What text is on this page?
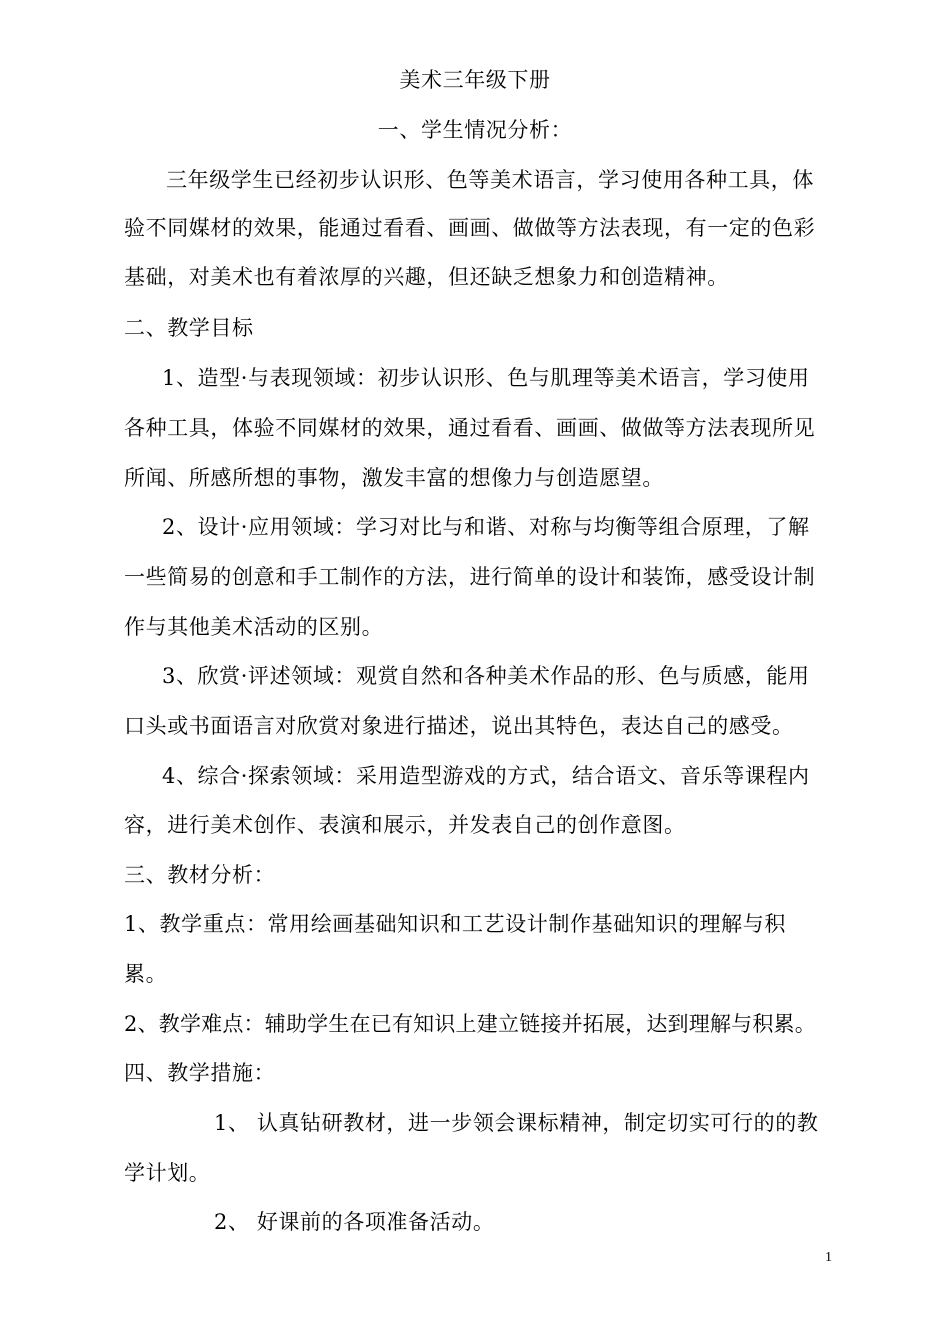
美术三年级下册
一、学生情况分析：
三年级学生已经初步认识形、色等美术语言，学习使用各种工具，体
验不同媒材的效果，能通过看看、画画、做做等方法表现，有一定的色彩
基础，对美术也有着浓厚的兴趣，但还缺乏想象力和创造精神。
二、教学目标
1、造型·与表现领域：初步认识形、色与肌理等美术语言，学习使用
各种工具，体验不同媒材的效果，通过看看、画画、做做等方法表现所见
所闻、所感所想的事物，激发丰富的想像力与创造愿望。
2、设计·应用领域：学习对比与和谐、对称与均衡等组合原理，了解
一些简易的创意和手工制作的方法，进行简单的设计和装饰，感受设计制
作与其他美术活动的区别。
3、欣赏·评述领域：观赏自然和各种美术作品的形、色与质感，能用
口头或书面语言对欣赏对象进行描述，说出其特色，表达自己的感受。
4、综合·探索领域：采用造型游戏的方式，结合语文、音乐等课程内
容，进行美术创作、表演和展示，并发表自己的创作意图。
三、教材分析：
1、教学重点：常用绘画基础知识和工艺设计制作基础知识的理解与积
累。
2、教学难点：辅助学生在已有知识上建立链接并拓展，达到理解与积累。
四、教学措施：
1、 认真钻研教材，进一步领会课标精神，制定切实可行的的教
学计划。
2、 好课前的各项准备活动。
1
